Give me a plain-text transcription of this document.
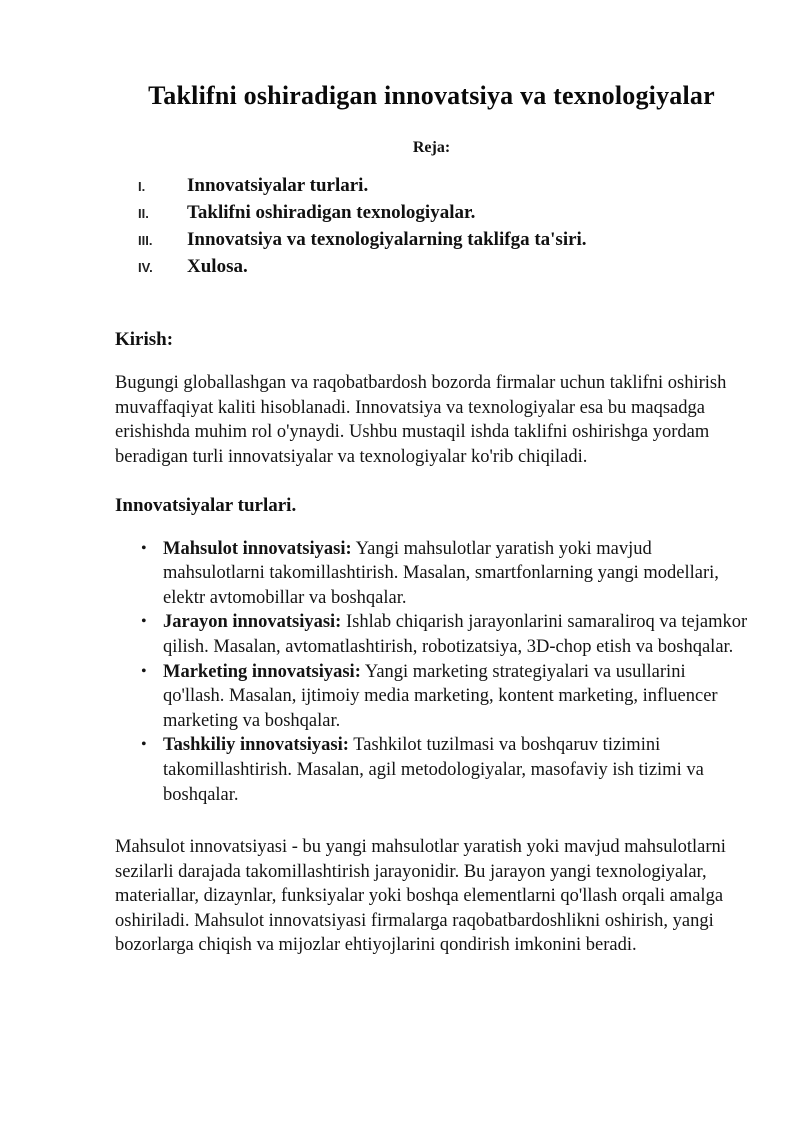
Taklifni oshiradigan innovatsiya va texnologiyalar
Reja:
I.	Innovatsiyalar turlari.
II.	Taklifni oshiradigan texnologiyalar.
III.	Innovatsiya va texnologiyalarning taklifga ta'siri.
IV.	Xulosa.
Kirish:

Bugungi globallashgan va raqobatbardosh bozorda firmalar uchun taklifni oshirish muvaffaqiyat kaliti hisoblanadi. Innovatsiya va texnologiyalar esa bu maqsadga erishishda muhim rol o'ynaydi. Ushbu mustaqil ishda taklifni oshirishga yordam beradigan turli innovatsiyalar va texnologiyalar ko'rib chiqiladi.

Innovatsiyalar turlari.
• Mahsulot innovatsiyasi: Yangi mahsulotlar yaratish yoki mavjud mahsulotlarni takomillashtirish. Masalan, smartfonlarning yangi modellari, elektr avtomobillar va boshqalar.
• Jarayon innovatsiyasi: Ishlab chiqarish jarayonlarini samaraliroq va tejamkor qilish. Masalan, avtomatlashtirish, robotizatsiya, 3D-chop etish va boshqalar.
• Marketing innovatsiyasi: Yangi marketing strategiyalari va usullarini qo'llash. Masalan, ijtimoiy media marketing, kontent marketing, influencer marketing va boshqalar.
• Tashkiliy innovatsiyasi: Tashkilot tuzilmasi va boshqaruv tizimini takomillashtirish. Masalan, agil metodologiyalar, masofaviy ish tizimi va boshqalar.

Mahsulot innovatsiyasi - bu yangi mahsulotlar yaratish yoki mavjud mahsulotlarni sezilarli darajada takomillashtirish jarayonidir. Bu jarayon yangi texnologiyalar, materiallar, dizaynlar, funksiyalar yoki boshqa elementlarni qo'llash orqali amalga oshiriladi. Mahsulot innovatsiyasi firmalarga raqobatbardoshlikni oshirish, yangi bozorlarga chiqish va mijozlar ehtiyojlarini qondirish imkonini beradi.
